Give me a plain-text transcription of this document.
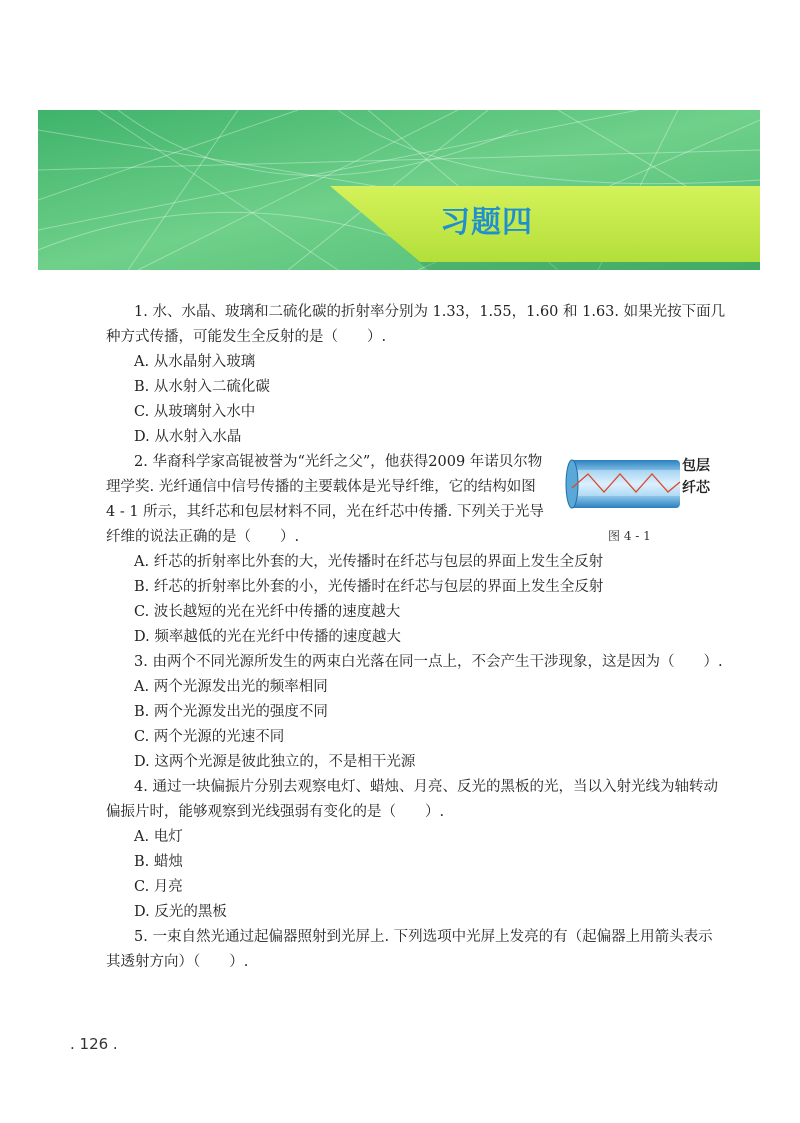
习题四

1. 水、水晶、玻璃和二硫化碳的折射率分别为 1.33，1.55，1.60 和 1.63. 如果光按下面几种方式传播，可能发生全反射的是（　　）.

A. 从水晶射入玻璃

B. 从水射入二硫化碳

C. 从玻璃射入水中

D. 从水射入水晶

2. 华裔科学家高锟被誉为“光纤之父”，他获得2009 年诺贝尔物理学奖. 光纤通信中信号传播的主要载体是光导纤维，它的结构如图 4 - 1 所示，其纤芯和包层材料不同，光在纤芯中传播. 下列关于光导纤维的说法正确的是（　　）.

包层
纤芯
图 4 - 1

A. 纤芯的折射率比外套的大，光传播时在纤芯与包层的界面上发生全反射

B. 纤芯的折射率比外套的小，光传播时在纤芯与包层的界面上发生全反射

C. 波长越短的光在光纤中传播的速度越大

D. 频率越低的光在光纤中传播的速度越大

3. 由两个不同光源所发生的两束白光落在同一点上，不会产生干涉现象，这是因为（　　）.

A. 两个光源发出光的频率相同

B. 两个光源发出光的强度不同

C. 两个光源的光速不同

D. 这两个光源是彼此独立的，不是相干光源

4. 通过一块偏振片分别去观察电灯、蜡烛、月亮、反光的黑板的光，当以入射光线为轴转动偏振片时，能够观察到光线强弱有变化的是（　　）.

A. 电灯

B. 蜡烛

C. 月亮

D. 反光的黑板

5. 一束自然光通过起偏器照射到光屏上. 下列选项中光屏上发亮的有（起偏器上用箭头表示其透射方向）（　　）.

. 126 .
